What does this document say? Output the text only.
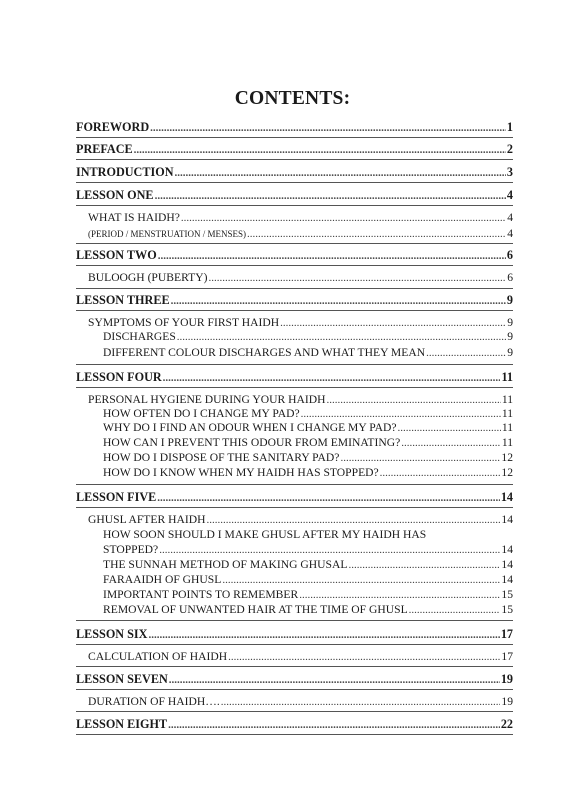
CONTENTS:
FOREWORD .....	1
PREFACE .....	2
INTRODUCTION .....	3
LESSON ONE .....	4
WHAT IS HAIDH? .....	4
(PERIOD / MENSTRUATION / MENSES) .....	4
LESSON TWO .....	6
BULOOGH (PUBERTY) .....	6
LESSON THREE .....	9
SYMPTOMS OF YOUR FIRST HAIDH .....	9
DISCHARGES .....	9
DIFFERENT COLOUR DISCHARGES AND WHAT THEY MEAN .....	9
LESSON FOUR .....	11
PERSONAL HYGIENE DURING YOUR HAIDH .....	11
HOW OFTEN DO I CHANGE MY PAD? .....	11
WHY DO I FIND AN ODOUR WHEN I CHANGE MY PAD? .....	11
HOW CAN I PREVENT THIS ODOUR FROM EMINATING? .....	11
HOW DO I DISPOSE OF THE SANITARY PAD? .....	12
HOW DO I KNOW WHEN MY HAIDH HAS STOPPED? .....	12
LESSON FIVE .....	14
GHUSL AFTER HAIDH .....	14
HOW SOON SHOULD I MAKE GHUSL AFTER MY HAIDH HAS
STOPPED? .....	14
THE SUNNAH METHOD OF MAKING GHUSAL .....	14
FARAAIDH OF GHUSL .....	14
IMPORTANT POINTS TO REMEMBER .....	15
REMOVAL OF UNWANTED HAIR AT THE TIME OF GHUSL .....	15
LESSON SIX .....	17
CALCULATION OF HAIDH .....	17
LESSON SEVEN .....	19
DURATION OF HAIDH…. .....	19
LESSON EIGHT .....	22
